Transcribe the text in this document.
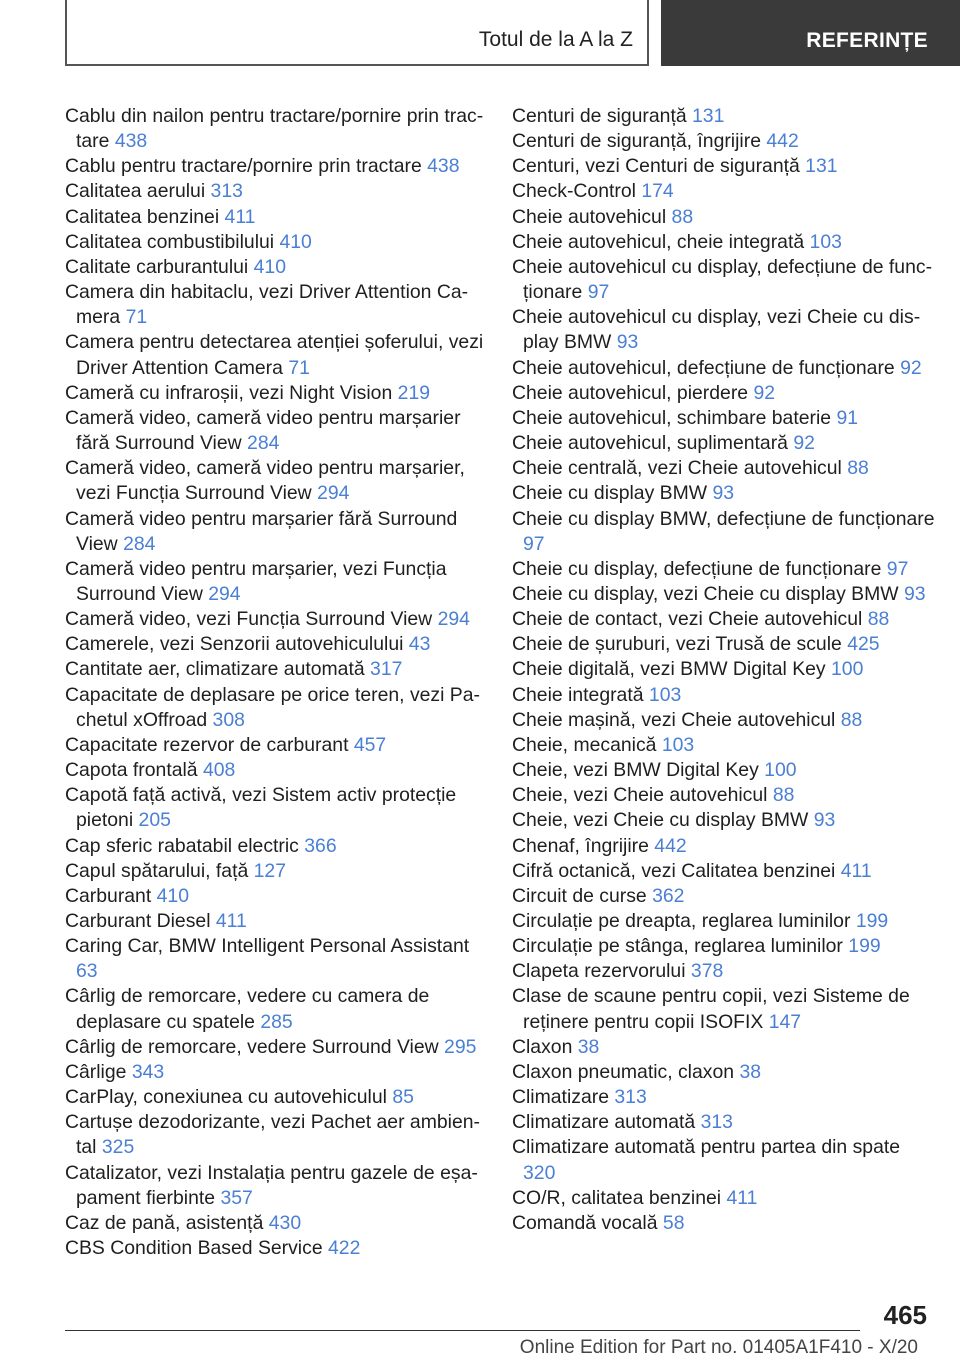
Totul de la A la Z	REFERINȚE
Cablu din nailon pentru tractare/pornire prin tractare 438
Cablu pentru tractare/pornire prin tractare 438
Calitatea aerului 313
Calitatea benzinei 411
Calitatea combustibilului 410
Calitate carburantului 410
Camera din habitaclu, vezi Driver Attention Camera 71
Camera pentru detectarea atenției șoferului, vezi Driver Attention Camera 71
Cameră cu infraroșii, vezi Night Vision 219
Cameră video, cameră video pentru marșarier fără Surround View 284
Cameră video, cameră video pentru marșarier, vezi Funcția Surround View 294
Cameră video pentru marșarier fără Surround View 284
Cameră video pentru marșarier, vezi Funcția Surround View 294
Cameră video, vezi Funcția Surround View 294
Camerele, vezi Senzorii autovehiculului 43
Cantitate aer, climatizare automată 317
Capacitate de deplasare pe orice teren, vezi Pachetul xOffroad 308
Capacitate rezervor de carburant 457
Capota frontală 408
Capotă față activă, vezi Sistem activ protecție pietoni 205
Cap sferic rabatabil electric 366
Capul spătarului, față 127
Carburant 410
Carburant Diesel 411
Caring Car, BMW Intelligent Personal Assistant 63
Cârlig de remorcare, vedere cu camera de deplasare cu spatele 285
Cârlig de remorcare, vedere Surround View 295
Cârlige 343
CarPlay, conexiunea cu autovehiculul 85
Cartușe dezodorizante, vezi Pachet aer ambiental 325
Catalizator, vezi Instalația pentru gazele de eșapament fierbinte 357
Caz de pană, asistență 430
CBS Condition Based Service 422
Centuri de siguranță 131
Centuri de siguranță, îngrijire 442
Centuri, vezi Centuri de siguranță 131
Check-Control 174
Cheie autovehicul 88
Cheie autovehicul, cheie integrată 103
Cheie autovehicul cu display, defecțiune de funcționare 97
Cheie autovehicul cu display, vezi Cheie cu display BMW 93
Cheie autovehicul, defecțiune de funcționare 92
Cheie autovehicul, pierdere 92
Cheie autovehicul, schimbare baterie 91
Cheie autovehicul, suplimentară 92
Cheie centrală, vezi Cheie autovehicul 88
Cheie cu display BMW 93
Cheie cu display BMW, defecțiune de funcționare 97
Cheie cu display, defecțiune de funcționare 97
Cheie cu display, vezi Cheie cu display BMW 93
Cheie de contact, vezi Cheie autovehicul 88
Cheie de șuruburi, vezi Trusă de scule 425
Cheie digitală, vezi BMW Digital Key 100
Cheie integrată 103
Cheie mașină, vezi Cheie autovehicul 88
Cheie, mecanică 103
Cheie, vezi BMW Digital Key 100
Cheie, vezi Cheie autovehicul 88
Cheie, vezi Cheie cu display BMW 93
Chenaf, îngrijire 442
Cifră octanică, vezi Calitatea benzinei 411
Circuit de curse 362
Circulație pe dreapta, reglarea luminilor 199
Circulație pe stânga, reglarea luminilor 199
Clapeta rezervorului 378
Clase de scaune pentru copii, vezi Sisteme de reținere pentru copii ISOFIX 147
Claxon 38
Claxon pneumatic, claxon 38
Climatizare 313
Climatizare automată 313
Climatizare automată pentru partea din spate 320
CO/R, calitatea benzinei 411
Comandă vocală 58
465
Online Edition for Part no. 01405A1F410 - X/20
